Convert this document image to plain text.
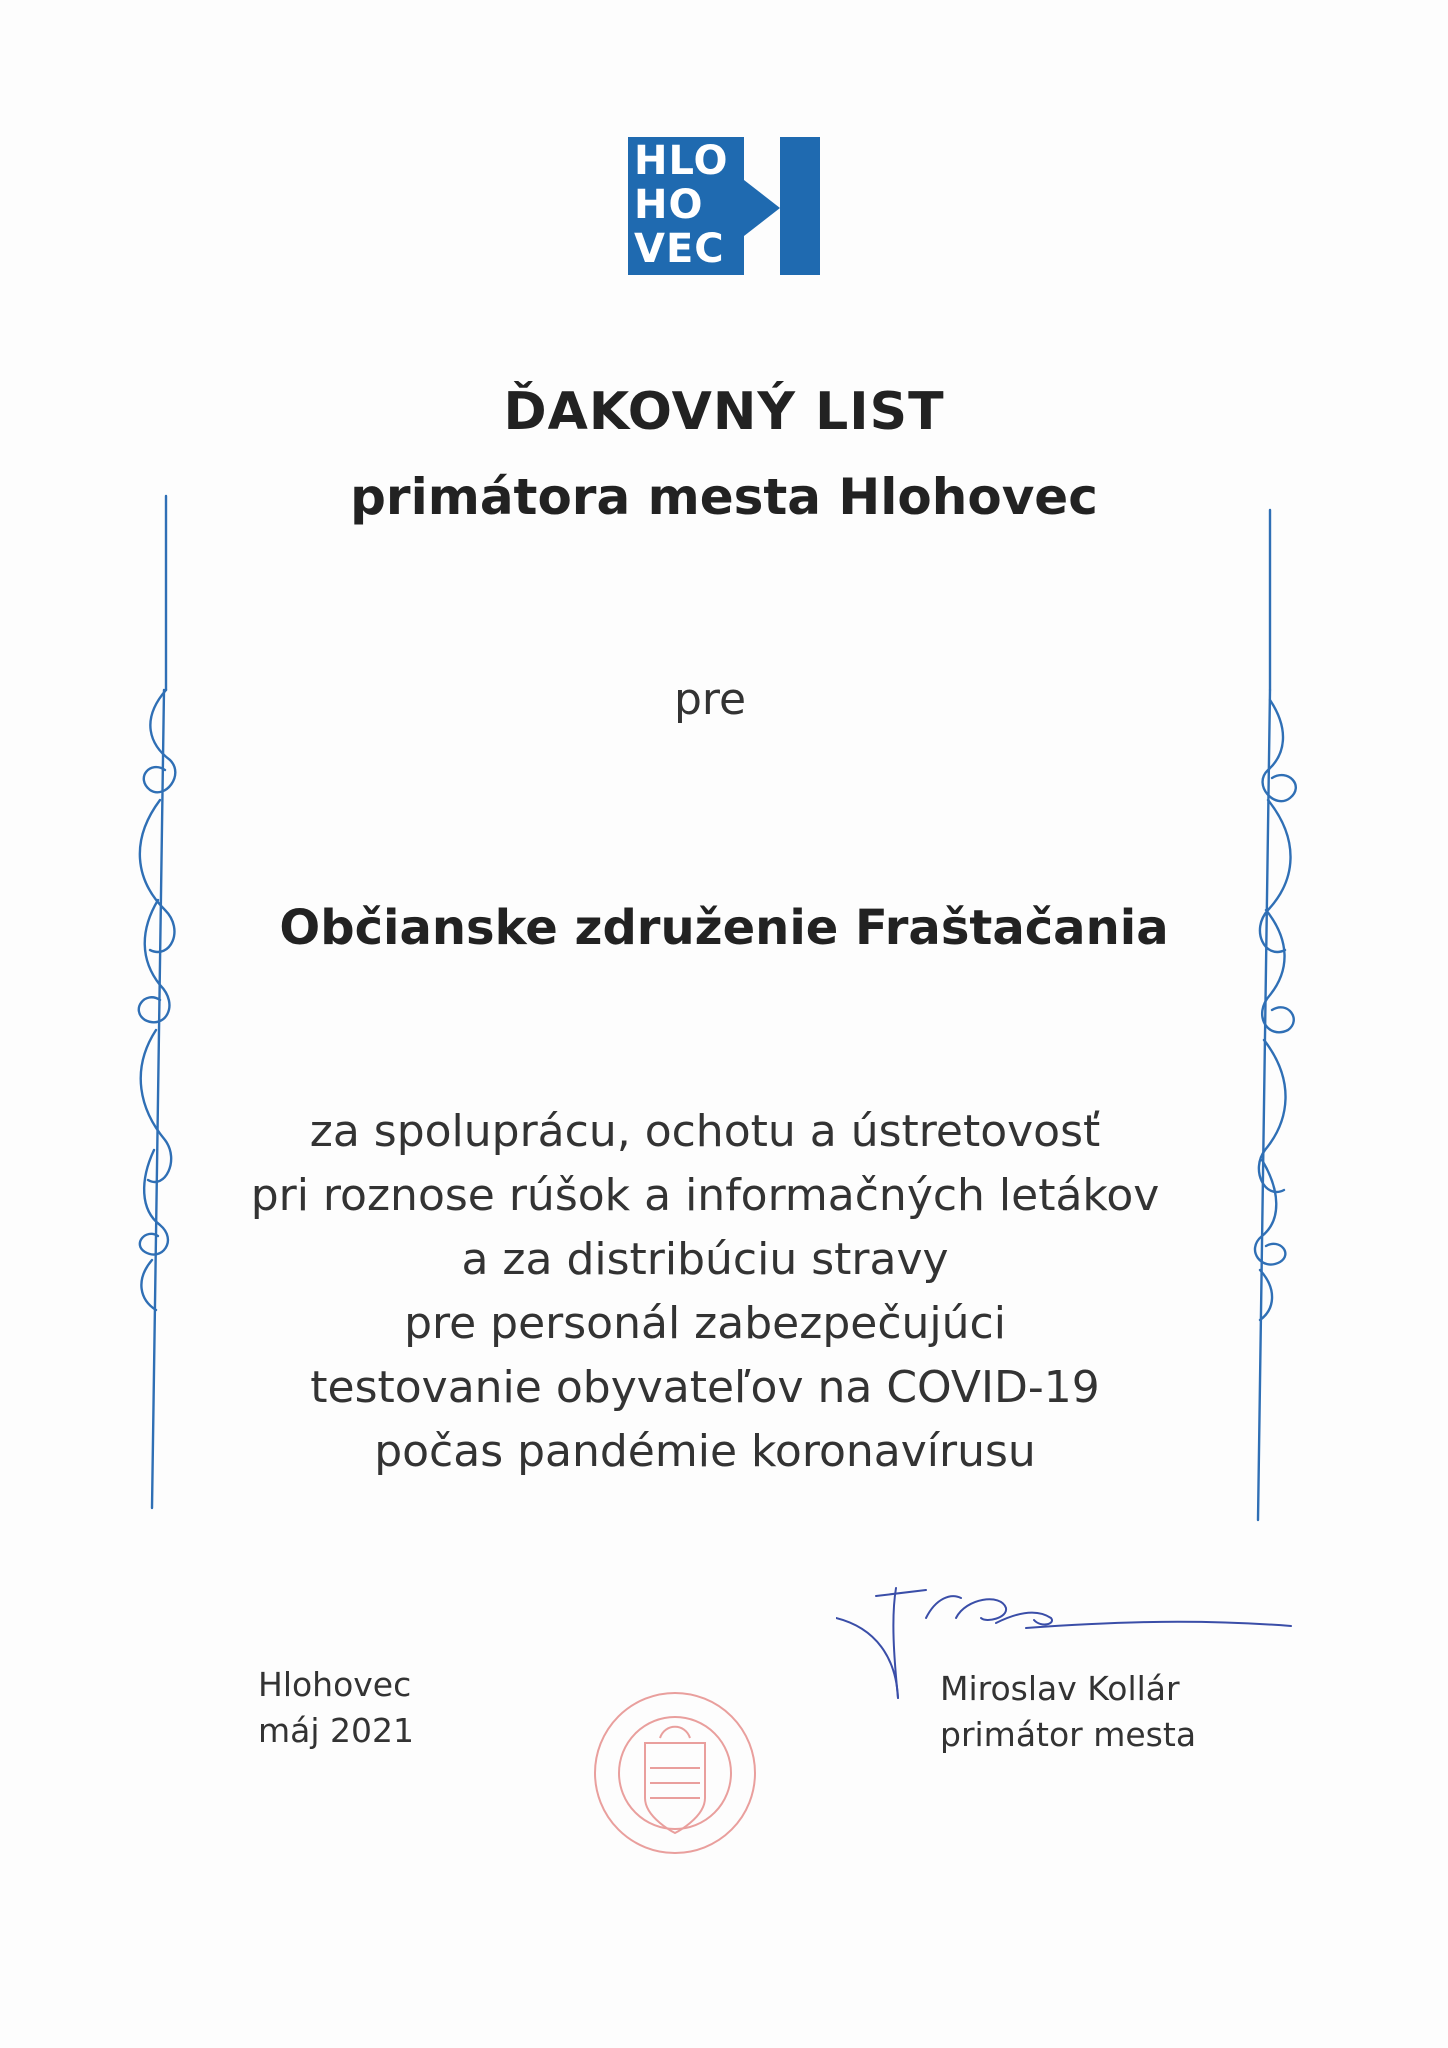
HLO
HO
VEC
ĎAKOVNÝ LIST
primátora mesta Hlohovec
pre
Občianske združenie Fraštačania
za spoluprácu, ochotu a ústretovosť
pri roznose rúšok a informačných letákov
a za distribúciu stravy
pre personál zabezpečujúci
testovanie obyvateľov na COVID-19
počas pandémie koronavírusu
Hlohovec
máj 2021
Miroslav Kollár
primátor mesta
